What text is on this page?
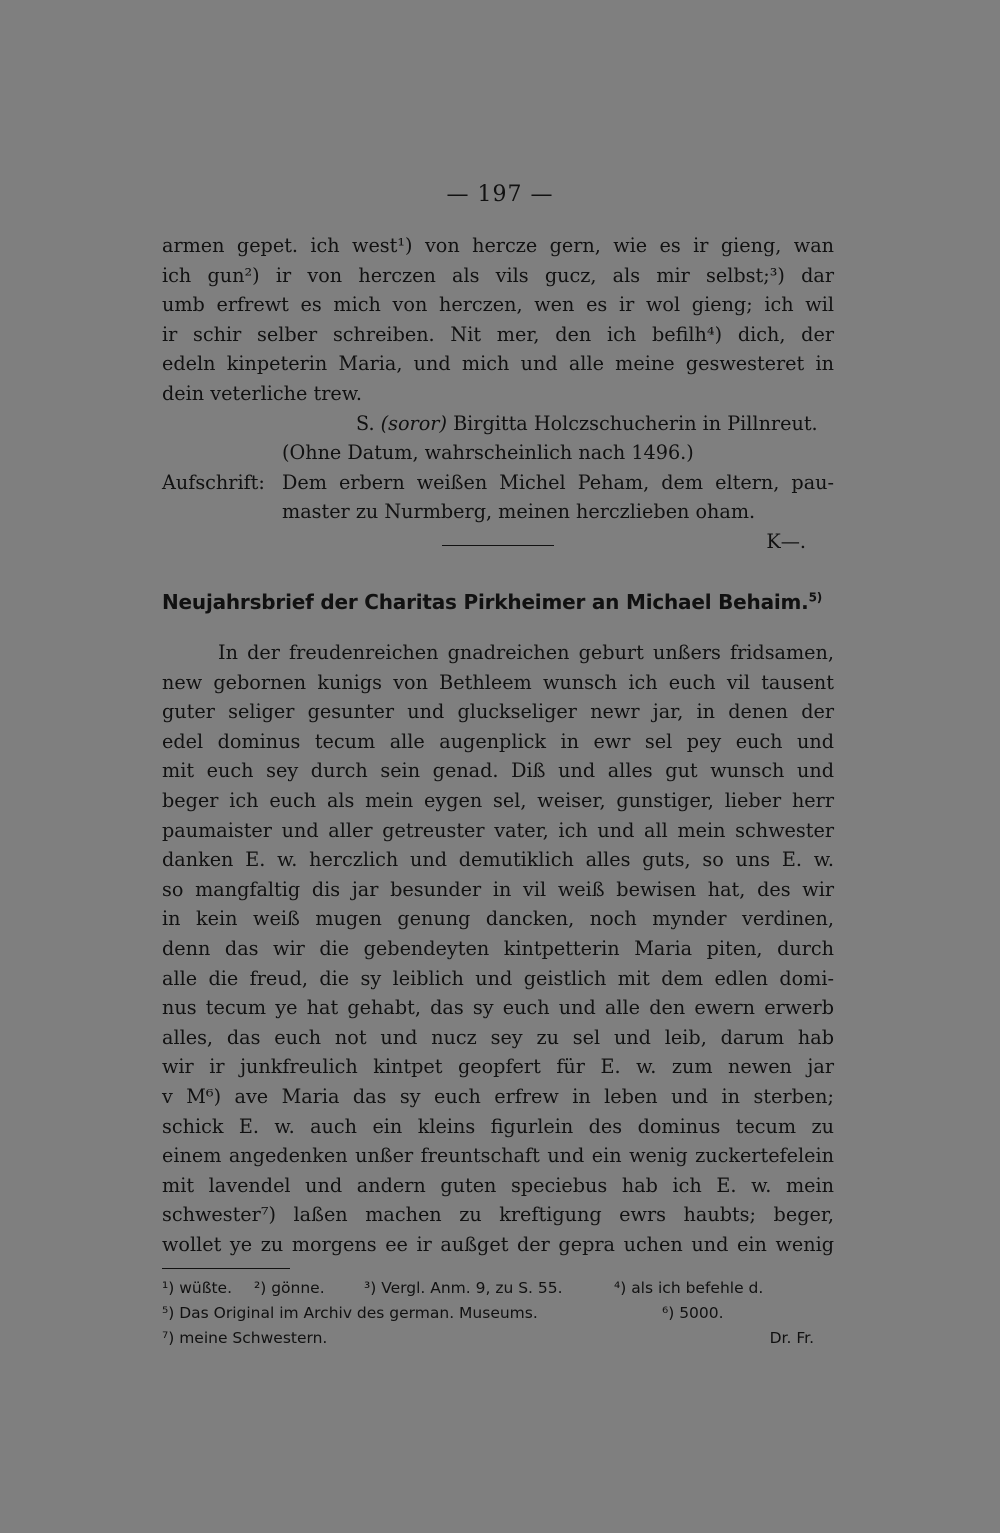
— 197 —
armen gepet. ich west¹) von hercze gern, wie es ir gieng, wan
ich gun²) ir von herczen als vils gucz, als mir selbst;³) dar
umb erfrewt es mich von herczen, wen es ir wol gieng; ich wil
ir schir selber schreiben. Nit mer, den ich befilh⁴) dich, der
edeln kinpeterin Maria, und mich und alle meine geswesteret in
dein veterliche trew.
S. (soror) Birgitta Holczschucherin in Pillnreut.
(Ohne Datum, wahrscheinlich nach 1496.)
Aufschrift: Dem erbern weißen Michel Peham, dem eltern, pau-
master zu Nurmberg, meinen herczlieben oham.
K—.
Neujahrsbrief der Charitas Pirkheimer an Michael Behaim.$^{5)}$
In der freudenreichen gnadreichen geburt unßers fridsamen,
new gebornen kunigs von Bethleem wunsch ich euch vil tausent
guter seliger gesunter und gluckseliger newr jar, in denen der
edel dominus tecum alle augenplick in ewr sel pey euch und
mit euch sey durch sein genad. Diß und alles gut wunsch und
beger ich euch als mein eygen sel, weiser, gunstiger, lieber herr
paumaister und aller getreuster vater, ich und all mein schwester
danken E. w. herczlich und demutiklich alles guts, so uns E. w.
so mangfaltig dis jar besunder in vil weiß bewisen hat, des wir
in kein weiß mugen genung dancken, noch mynder verdinen,
denn das wir die gebendeyten kintpetterin Maria piten, durch
alle die freud, die sy leiblich und geistlich mit dem edlen domi-
nus tecum ye hat gehabt, das sy euch und alle den ewern erwerb
alles, das euch not und nucz sey zu sel und leib, darum hab
wir ir junkfreulich kintpet geopfert für E. w. zum newen jar
v M⁶) ave Maria das sy euch erfrew in leben und in sterben;
schick E. w. auch ein kleins figurlein des dominus tecum zu
einem angedenken unßer freuntschaft und ein wenig zuckertefelein
mit lavendel und andern guten speciebus hab ich E. w. mein
schwester⁷) laßen machen zu kreftigung ewrs haubts; beger,
wollet ye zu morgens ee ir außget der gepra uchen und ein wenig
¹) wüßte.	²) gönne.	³) Vergl. Anm. 9, zu S. 55.	⁴) als ich befehle d.
⁵) Das Original im Archiv des german. Museums.	⁶) 5000.
⁷) meine Schwestern.	Dr. Fr.
